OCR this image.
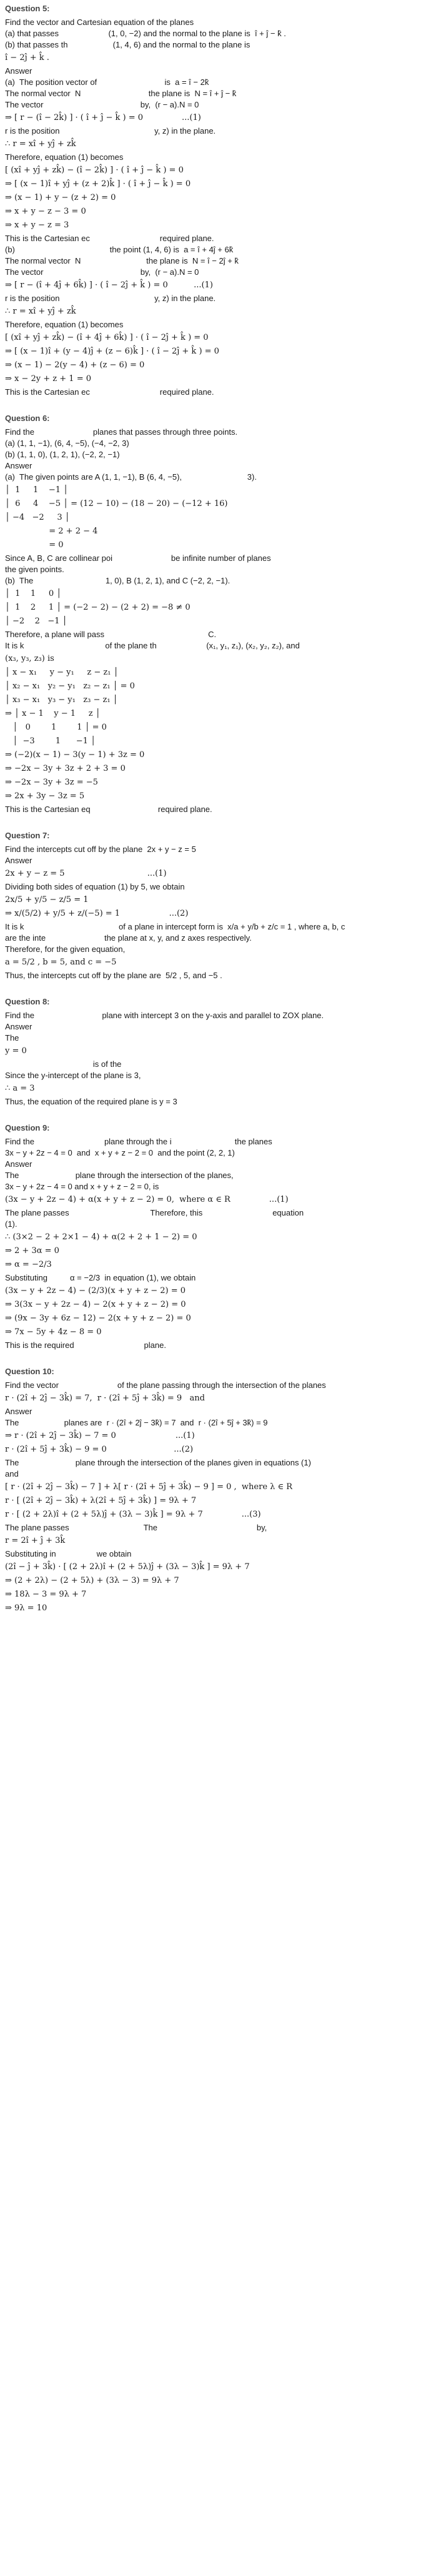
Question 5:
Find the vector and Cartesian equation of the planes
(a) that passes                      (1, 0, −2) and the normal to the plane is  î + ĵ − k̂ .
(b) that passes th                    (1, 4, 6) and the normal to the plane is
î − 2ĵ + k̂ .
Answer
(a)  The position vector of                              is  a = î − 2k̂
The normal vector  N                              the plane is  N = î + ĵ − k̂
The vector                                           by,  (r − a).N = 0
⇒ [ r − (î − 2k̂) ] · ( î + ĵ − k̂ ) = 0               ...(1)
r is the position                                          y, z) in the plane.
∴ r = xî + yĵ + zk̂
Therefore, equation (1) becomes
[ (xî + yĵ + zk̂) − (î − 2k̂) ] · ( î + ĵ − k̂ ) = 0
⇒ [ (x − 1)î + yĵ + (z + 2)k̂ ] · ( î + ĵ − k̂ ) = 0
⇒ (x − 1) + y − (z + 2) = 0
⇒ x + y − z − 3 = 0
⇒ x + y − z = 3
This is the Cartesian ec                               required plane.
(b)                                          the point (1, 4, 6) is  a = î + 4ĵ + 6k̂
The normal vector  N                             the plane is  N = î − 2ĵ + k̂
The vector                                           by,  (r − a).N = 0
⇒ [ r − (î + 4ĵ + 6k̂) ] · ( î − 2ĵ + k̂ ) = 0          ...(1)
r is the position                                          y, z) in the plane.
∴ r = xî + yĵ + zk̂
Therefore, equation (1) becomes
[ (xî + yĵ + zk̂) − (î + 4ĵ + 6k̂) ] · ( î − 2ĵ + k̂ ) = 0
⇒ [ (x − 1)î + (y − 4)ĵ + (z − 6)k̂ ] · ( î − 2ĵ + k̂ ) = 0
⇒ (x − 1) − 2(y − 4) + (z − 6) = 0
⇒ x − 2y + z + 1 = 0
This is the Cartesian ec                               required plane.
Question 6:
Find the                          planes that passes through three points.
(a) (1, 1, −1), (6, 4, −5), (−4, −2, 3)
(b) (1, 1, 0), (1, 2, 1), (−2, 2, −1)
Answer
(a)  The given points are A (1, 1, −1), B (6, 4, −5),                             3).
│  1     1    −1 │
│  6     4    −5 │ = (12 − 10) − (18 − 20) − (−12 + 16)
│ −4   −2     3 │
= 2 + 2 − 4
= 0
Since A, B, C are collinear poi                          be infinite number of planes
the given points.
(b)  The                                1, 0), B (1, 2, 1), and C (−2, 2, −1).
│  1    1     0 │
│  1    2     1 │ = (−2 − 2) − (2 + 2) = −8 ≠ 0
│ −2    2   −1 │
Therefore, a plane will pass                                              C.
It is k                                    of the plane th                      (x₁, y₁, z₁), (x₂, y₂, z₂), and
(x₃, y₃, z₃) is
│ x − x₁     y − y₁     z − z₁ │
│ x₂ − x₁   y₂ − y₁   z₂ − z₁ │ = 0
│ x₃ − x₁   y₃ − y₁   z₃ − z₁ │
⇒ │ x − 1    y − 1     z │
│   0        1        1 │ = 0
│  −3        1      −1 │
⇒ (−2)(x − 1) − 3(y − 1) + 3z = 0
⇒ −2x − 3y + 3z + 2 + 3 = 0
⇒ −2x − 3y + 3z = −5
⇒ 2x + 3y − 3z = 5
This is the Cartesian eq                              required plane.
Question 7:
Find the intercepts cut off by the plane  2x + y − z = 5
Answer
2x + y − z = 5                                ...(1)
Dividing both sides of equation (1) by 5, we obtain
2x/5 + y/5 − z/5 = 1
⇒ x/(5/2) + y/5 + z/(−5) = 1                   ...(2)
It is k                                          of a plane in intercept form is  x/a + y/b + z/c = 1 , where a, b, c
are the inte                          the plane at x, y, and z axes respectively.
Therefore, for the given equation,
a = 5/2 , b = 5, and c = −5
Thus, the intercepts cut off by the plane are  5/2 , 5, and −5 .
Question 8:
Find the                              plane with intercept 3 on the y-axis and parallel to ZOX plane.
Answer
The
y = 0
is of the
Since the y-intercept of the plane is 3,
∴ a = 3
Thus, the equation of the required plane is y = 3
Question 9:
Find the                               plane through the i                            the planes
3x − y + 2z − 4 = 0  and  x + y + z − 2 = 0  and the point (2, 2, 1)
Answer
The                         plane through the intersection of the planes,
3x − y + 2z − 4 = 0 and x + y + z − 2 = 0, is
(3x − y + 2z − 4) + α(x + y + z − 2) = 0,  where α ∈ R               ...(1)
The plane passes                                    Therefore, this                               equation
(1).
∴ (3×2 − 2 + 2×1 − 4) + α(2 + 2 + 1 − 2) = 0
⇒ 2 + 3α = 0
⇒ α = −2/3
Substituting          α = −2/3  in equation (1), we obtain
(3x − y + 2z − 4) − (2/3)(x + y + z − 2) = 0
⇒ 3(3x − y + 2z − 4) − 2(x + y + z − 2) = 0
⇒ (9x − 3y + 6z − 12) − 2(x + y + z − 2) = 0
⇒ 7x − 5y + 4z − 8 = 0
This is the required                               plane.
Question 10:
Find the vector                          of the plane passing through the intersection of the planes
r · (2î + 2ĵ − 3k̂) = 7,  r · (2î + 5ĵ + 3k̂) = 9   and
Answer
The                    planes are  r · (2î + 2ĵ − 3k̂) = 7  and  r · (2î + 5ĵ + 3k̂) = 9
⇒ r · (2î + 2ĵ − 3k̂) − 7 = 0                       ...(1)
r · (2î + 5ĵ + 3k̂) − 9 = 0                          ...(2)
The                         plane through the intersection of the planes given in equations (1)
and
[ r · (2î + 2ĵ − 3k̂) − 7 ] + λ[ r · (2î + 5ĵ + 3k̂) − 9 ] = 0 ,  where λ ∈ R
r · [ (2î + 2ĵ − 3k̂) + λ(2î + 5ĵ + 3k̂) ] = 9λ + 7
r · [ (2 + 2λ)î + (2 + 5λ)ĵ + (3λ − 3)k̂ ] = 9λ + 7               ...(3)
The plane passes                                 The                                            by,
r = 2î + ĵ + 3k̂
Substituting in                  we obtain
(2î − ĵ + 3k̂) · [ (2 + 2λ)î + (2 + 5λ)ĵ + (3λ − 3)k̂ ] = 9λ + 7
⇒ (2 + 2λ) − (2 + 5λ) + (3λ − 3) = 9λ + 7
⇒ 18λ − 3 = 9λ + 7
⇒ 9λ = 10
